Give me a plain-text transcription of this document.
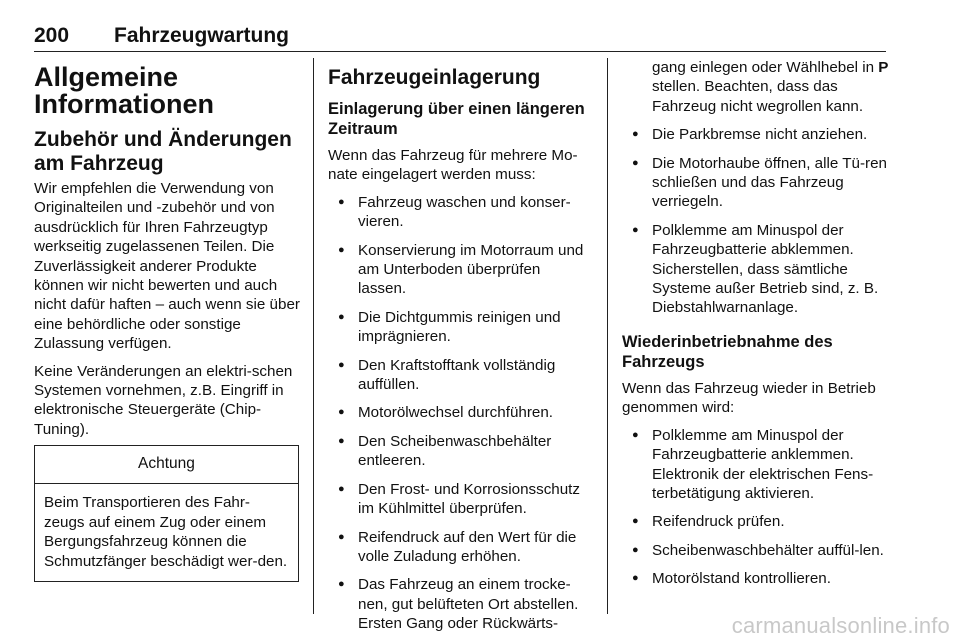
200 Fahrzeugwartung
Allgemeine Informationen
Zubehör und Änderungen am Fahrzeug

Wir empfehlen die Verwendung von Originalteilen und -zubehör und von ausdrücklich für Ihren Fahrzeugtyp werkseitig zugelassenen Teilen. Die Zuverlässigkeit anderer Produkte können wir nicht bewerten und auch nicht dafür haften – auch wenn sie über eine behördliche oder sonstige Zulassung verfügen.

Keine Veränderungen an elektri-schen Systemen vornehmen, z.B. Eingriff in elektronische Steuergeräte (Chip-Tuning).

Achtung
Beim Transportieren des Fahr-zeugs auf einem Zug oder einem Bergungsfahrzeug können die Schmutzfänger beschädigt wer-den.
Fahrzeugeinlagerung
Einlagerung über einen längeren Zeitraum

Wenn das Fahrzeug für mehrere Mo-nate eingelagert werden muss:

● Fahrzeug waschen und konser-vieren.
● Konservierung im Motorraum und am Unterboden überprüfen lassen.
● Die Dichtgummis reinigen und imprägnieren.
● Den Kraftstofftank vollständig auffüllen.
● Motorölwechsel durchführen.
● Den Scheibenwaschbehälter entleeren.
● Den Frost- und Korrosionsschutz im Kühlmittel überprüfen.
● Reifendruck auf den Wert für die volle Zuladung erhöhen.
● Das Fahrzeug an einem trocke-nen, gut belüfteten Ort abstellen. Ersten Gang oder Rückwärts-
gang einlegen oder Wählhebel in P stellen. Beachten, dass das Fahrzeug nicht wegrollen kann.
● Die Parkbremse nicht anziehen.
● Die Motorhaube öffnen, alle Tü-ren schließen und das Fahrzeug verriegeln.
● Polklemme am Minuspol der Fahrzeugbatterie abklemmen. Sicherstellen, dass sämtliche Systeme außer Betrieb sind, z. B. Diebstahlwarnanlage.
Wiederinbetriebnahme des Fahrzeugs

Wenn das Fahrzeug wieder in Betrieb genommen wird:

● Polklemme am Minuspol der Fahrzeugbatterie anklemmen. Elektronik der elektrischen Fens-terbetätigung aktivieren.
● Reifendruck prüfen.
● Scheibenwaschbehälter auffül-len.
● Motorölstand kontrollieren.
carmanualsonline.info
